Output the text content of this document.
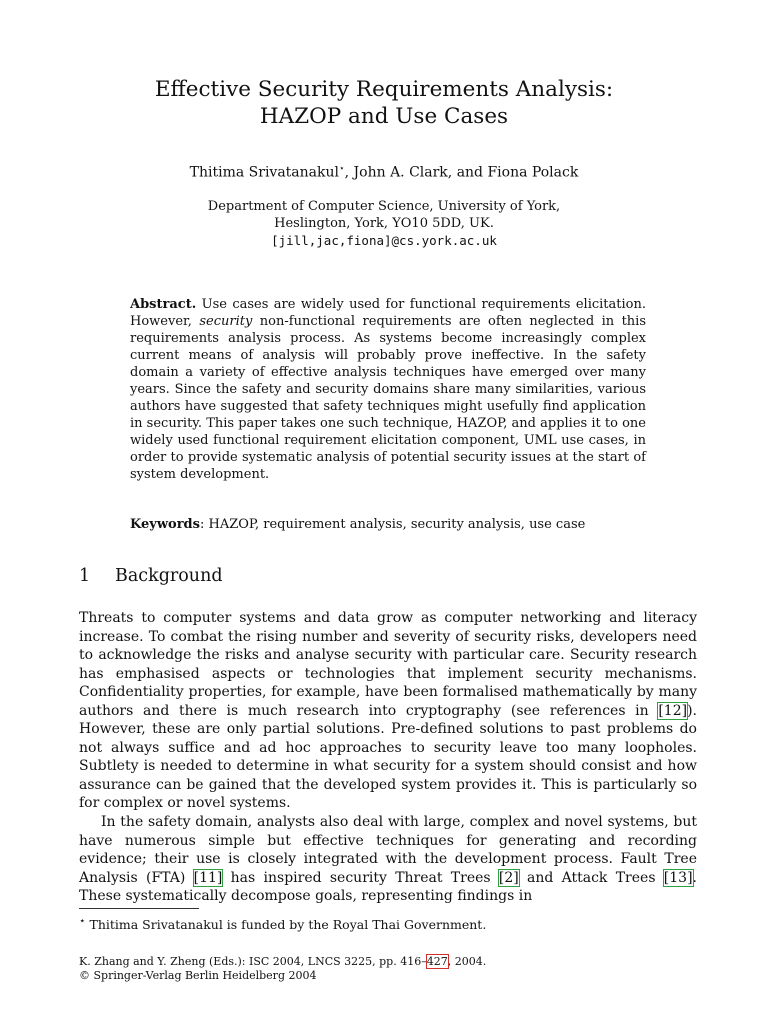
Effective Security Requirements Analysis:
HAZOP and Use Cases
Thitima Srivatanakul⋆, John A. Clark, and Fiona Polack
Department of Computer Science, University of York,
Heslington, York, YO10 5DD, UK.
[jill,jac,fiona]@cs.york.ac.uk
Abstract. Use cases are widely used for functional requirements elicitation. However, security non-functional requirements are often neglected in this requirements analysis process. As systems become increasingly complex current means of analysis will probably prove ineffective. In the safety domain a variety of effective analysis techniques have emerged over many years. Since the safety and security domains share many similarities, various authors have suggested that safety techniques might usefully find application in security. This paper takes one such technique, HAZOP, and applies it to one widely used functional requirement elicitation component, UML use cases, in order to provide systematic analysis of potential security issues at the start of system development.
Keywords: HAZOP, requirement analysis, security analysis, use case
1 Background
Threats to computer systems and data grow as computer networking and literacy increase. To combat the rising number and severity of security risks, developers need to acknowledge the risks and analyse security with particular care. Security research has emphasised aspects or technologies that implement security mechanisms. Confidentiality properties, for example, have been formalised mathematically by many authors and there is much research into cryptography (see references in [12]). However, these are only partial solutions. Pre-defined solutions to past problems do not always suffice and ad hoc approaches to security leave too many loopholes. Subtlety is needed to determine in what security for a system should consist and how assurance can be gained that the developed system provides it. This is particularly so for complex or novel systems.
In the safety domain, analysts also deal with large, complex and novel systems, but have numerous simple but effective techniques for generating and recording evidence; their use is closely integrated with the development process. Fault Tree Analysis (FTA) [11] has inspired security Threat Trees [2] and Attack Trees [13]. These systematically decompose goals, representing findings in
⋆ Thitima Srivatanakul is funded by the Royal Thai Government.
K. Zhang and Y. Zheng (Eds.): ISC 2004, LNCS 3225, pp. 416–427, 2004.
© Springer-Verlag Berlin Heidelberg 2004
